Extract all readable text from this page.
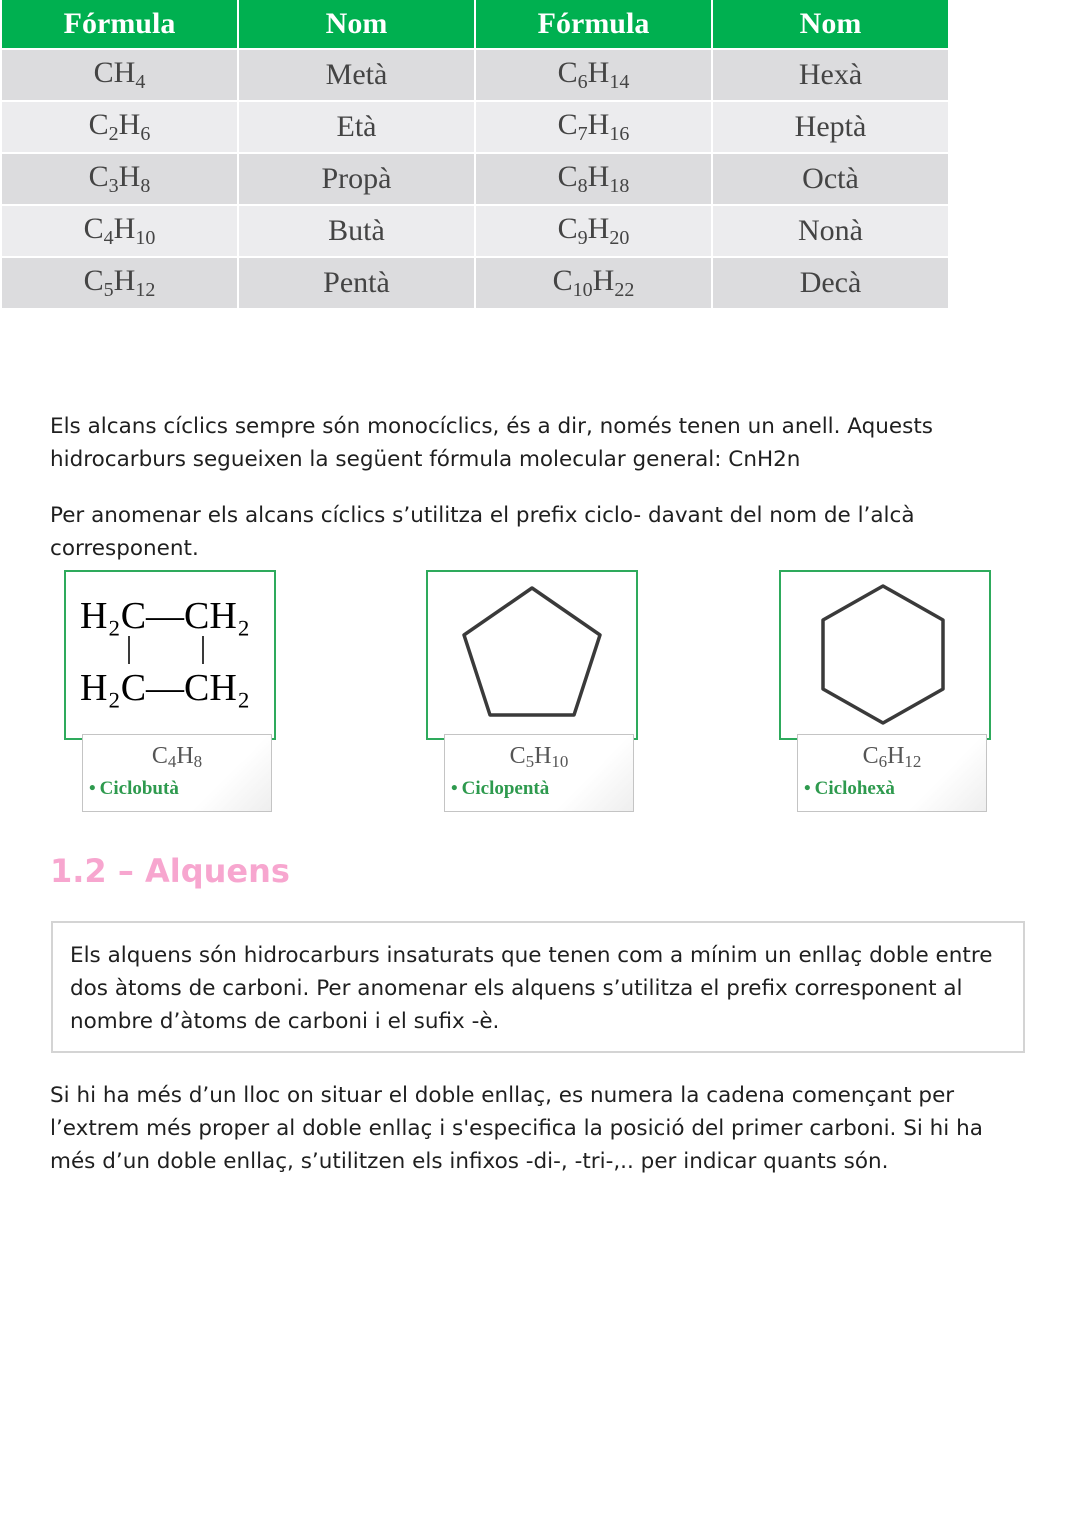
Fórmula	Nom	Fórmula	Nom
$CH_4$	Metà	$C_6H_{14}$	Hexà
$C_2H_6$	Età	$C_7H_{16}$	Heptà
$C_3H_8$	Propà	$C_8H_{18}$	Octà
$C_4H_{10}$	Butà	$C_9H_{20}$	Nonà
$C_5H_{12}$	Pentà	$C_{10}H_{22}$	Decà

Els alcans cíclics sempre són monocíclics, és a dir, només tenen un anell. Aquests hidrocarburs segueixen la següent fórmula molecular general: CnH2n

Per anomenar els alcans cíclics s’utilitza el prefix ciclo- davant del nom de l’alcà corresponent.

H₂C—CH₂
H₂C—CH₂
$C_4H_8$
• Ciclobutà
$C_5H_{10}$
• Ciclopentà
$C_6H_{12}$
• Ciclohexà
1.2 – Alquens

Els alquens són hidrocarburs insaturats que tenen com a mínim un enllaç doble entre dos àtoms de carboni. Per anomenar els alquens s’utilitza el prefix corresponent al nombre d’àtoms de carboni i el sufix -è.

Si hi ha més d’un lloc on situar el doble enllaç, es numera la cadena començant per l’extrem més proper al doble enllaç i s'especifica la posició del primer carboni. Si hi ha més d’un doble enllaç, s’utilitzen els infixos -di-, -tri-,.. per indicar quants són.
